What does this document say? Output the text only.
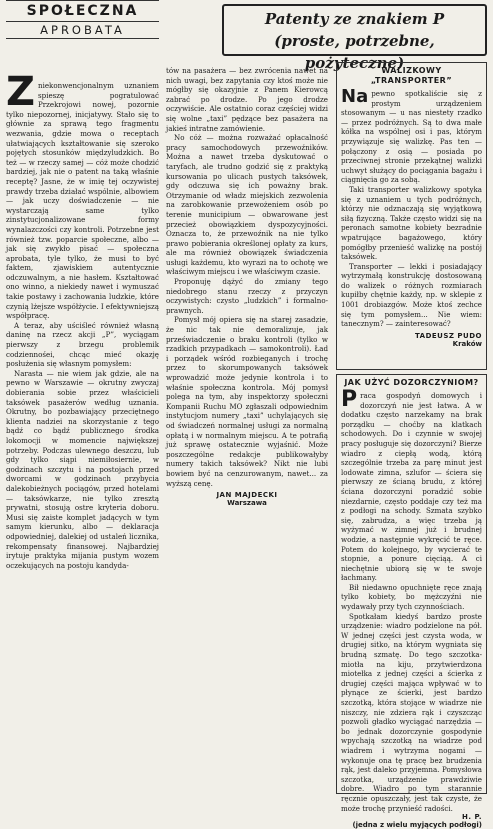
SPOŁECZNA
APROBATA

Z niekonwencjonalnym uznaniem spieszę pogratulować Przekrojowi nowej, pozornie tylko niepozornej, inicjatywy. Stało się to głównie za sprawą tego fragmentu wezwania, gdzie mowa o receptach ułatwiających kształtowanie się szeroko pojętych stosunków międzyludzkich. Bo też — w rzeczy samej — cóż może chodzić bardziej, jak nie o patent na taką właśnie receptę? Jasne, że w imię tej oczywistej prawdy trzeba działać wspólnie, albowiem — jak uczy doświadczenie — nie wystarczają same tylko zinstytucjonalizowane formy wynalazczości czy kontroli. Potrzebne jest również tzw. poparcie społeczne, albo — jak się zwykło pisać — społeczna aprobata, tyle tylko, że musi to być faktem, zjawiskiem autentycznie odczuwalnym, a nie hasłem. Kształtować ono winno, a niekiedy nawet i wymuszać takie postawy i zachowania ludzkie, które czynią lżejsze współżycie. I efektywniejszą współpracę.

A teraz, aby uściśleć również własną daninę na rzecz akcji „P”, wyciągam pierwszy z brzegu problemik codziennośei, chcąc mieć okazję posłużenia się własnym pomysłem:

Narasta — nie wiem jak gdzie, ale na pewno w Warszawie — okrutny zwyczaj dobierania sobie przez właścicieli taksówek pasażerów według uznania. Okrutny, bo pozbawiający przeciętnego klienta nadziei na skorzystanie z tego bądź co bądź publicznego środka lokomocji w momencie największej potrzeby. Podczas ulewnego deszczu, lub gdy tylko siąpi niemiłosiernie, w godzinach szczytu i na postojach przed dworcami w godzinach przybycia dalekobieżnych pociągów, przed hotelami — taksówkarze, nie tylko zresztą prywatni, stosują ostre kryteria doboru. Musi się zaiste komplet jadących w tym samym kierunku, albo — deklaracja odpowiedniej, dalekiej od ustaleń licznika, rekompensaty finansowej. Najbardziej irytuje praktyka mijania pustym wozem oczekujących na postoju kandyda-

Patenty ze znakiem P
(proste, potrzebne, pożyteczne)

tów na pasażera — bez zwrócenia nawet na nich uwagi, bez zapytania czy ktoś może nie mógłby się okazyjnie z Panem Kierowcą zabrać po drodze. Po jego drodze oczywiście. Ale ostatnio coraz częściej widzi się wolne „taxi” pędzące bez pasażera na jakieś intratne zamówienie.

No cóż — można rozważać opłacalność pracy samochodowych przewoźników. Można a nawet trzeba dyskutować o taryfach, ale trudno godzić się z praktyką kursowania po ulicach pustych taksówek, gdy odczuwa się ich poważny brak. Otrzymanie od władz miejskich zezwolenia na zarobkowanie przewożeniem osób po terenie municipium — obwarowane jest przecież obowiązkiem dyspozycyjności. Oznacza to, że przewoźnik na nie tylko prawo pobierania określonej opłaty za kurs, ale ma również obowiązek świadczenia usługi każdemu, kto wyrazi na to ochotę we właściwym miejscu i we właściwym czasie.

Proponuję dążyć do zmiany tego niedobrego stanu rzeczy z przyczyn oczywistych: czysto „ludzkich” i formalno-prawnych.

Pomysł mój opiera się na starej zasadzie, że nic tak nie demoralizuje, jak przeświadczenie o braku kontroli (tylko w rzadkich przypadkach — samokontroli). Ład i porządek wśród rozbieganych i trochę przez to skorumpowanych taksówek wprowadzić może jedynie kontrola i to właśnie społeczna kontrola. Mój pomysł polega na tym, aby inspektorzy społeczni Kompanii Ruchu MO zgłaszali odpowiednim instytucjom numery „taxi” uchylających się od świadczeń normalnej usługi za normalną opłatą i w normalnym miejscu. A te potrafią już sprawę ostatecznie wyjaśnić. Może poszczególne redakcje publikowałyby numery takich taksówek? Nikt nie lubi bowiem być na cenzurowanym, nawet... za wyższą cenę.

JAN MAJDECKI
Warszawa
WALIZKOWY „TRANSPORTER”

Na pewno spotkaliście się z prostym urządzeniem stosowanym — u nas niestety rzadko — przez podróżnych. Są to dwa małe kółka na wspólnej osi i pas, którym przywiązuje się walizkę. Pas ten — połączony z osią — posiada po przeciwnej stronie przekątnej walizki uchwyt służący do pociągania bagażu i ciągnięcia go za sobą.

Taki transporter walizkowy spotyka się z uznaniem u tych podróżnych, którzy nie odznaczają się wyjątkową siłą fizyczną. Także często widzi się na peronach samotne kobiety bezradnie wpatrujące bagażowego, który pomógłby przenieść walizkę na postój taksówek.

Transporter — lekki i posiadający wytrzymałą konstrukcję dostosowaną do walizek o różnych rozmiarach kupiłby chętnie każdy, np. w sklepie z 1001 drobiazgów. Może ktoś zechce się tym pomysłem... Nie wiem: tanecznym? — zainteresować?

TADEUSZ PUDO
Kraków
JAK UŻYĆ DOZORCZYNIOM?

P raca gospodyń domowych i dozorczyń nie jest łatwa. A w dodatku często narzekamy na brak porządku — choćby na klatkach schodowych. Do i czynnie w swojej pracy posługuje się dozorczyni? Bierze wiadro z ciepłą wodą, którą szczególnie trzeba za parę minut jest lodowate zimna, szlufor — ściera się pierwszy ze ścianą brudu, z której ściana dozorczyni poradzić sobie niezdarnie, często poddaje czy też ma z podłogi na schody. Szmata szybko się, zabrudza, a więc trzeba ją wyżymać w zimnej już i brudnej wodzie, a następnie wykręcić te ręce. Potem do kolejnego, by wycierać te stopnie, a ponure cięciąą. A ci niechętnie ubiorą się w te swoje łachmany.

Bił niedawno opuchnięte ręce znają tylko kobiety, bo mężczyźni nie wydawały przy tych czynnościach.

Spotkałam kiedyś bardzo proste urządzenie: wiadro podzielone na pół. W jednej części jest czysta woda, w drugiej sitko, na którym wygniata się brudną szmatę. Do tego szczotka-miotła na kiju, przytwierdzona miotełka z jednej części a ścierka z drugiej części mająca wpływać w to płynące ze ścierki, jest bardzo szczotką, która stojące w wiadrze nie niszczy, nie zdziera rąk i czyszcząc pozwoli gładko wyciągać narzędzia — bo jednak dozorczynie gospodynie wpychają szczotką na wiadrze pod wiadrem i wytrzyma nogami — wykonuje ona tę pracę bez brudzenia rąk, jest daleko przyjemna. Pomysłowa szczotka, urządzenie prawdziwie dobre. Wiadro po tym starannie ręcznie opuszczały, jest tak czyste, że może trochę przynieść radości.

H. P.
(jedna z wielu myjących podłogi)
